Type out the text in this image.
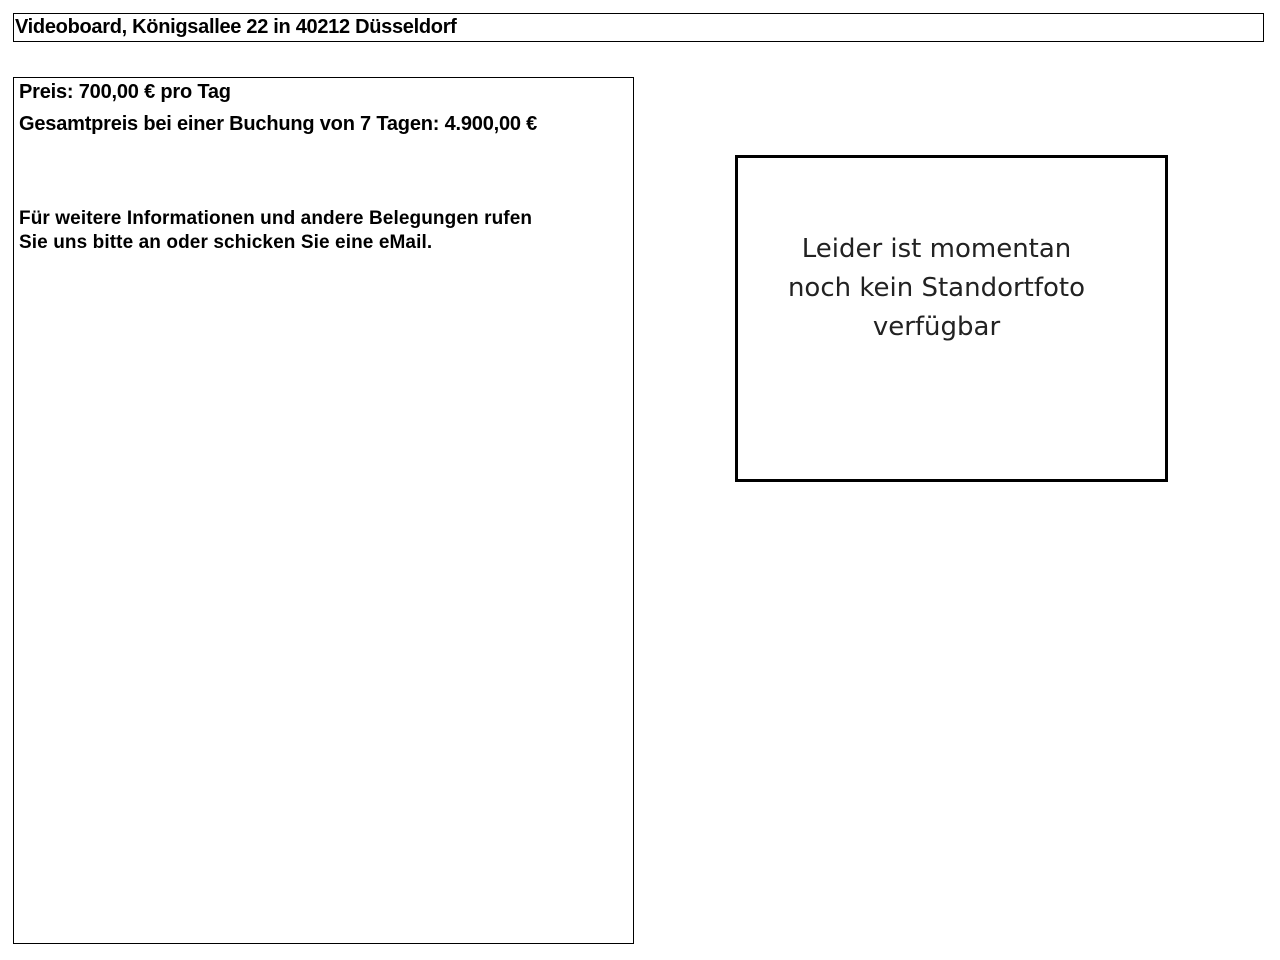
Videoboard, Königsallee 22 in 40212 Düsseldorf
Preis: 700,00 € pro Tag
Gesamtpreis bei einer Buchung von 7 Tagen: 4.900,00 €
Für weitere Informationen und andere Belegungen rufen
Sie uns bitte an oder schicken Sie eine eMail.	Leider ist momentan
noch kein Standortfoto
verfügbar
